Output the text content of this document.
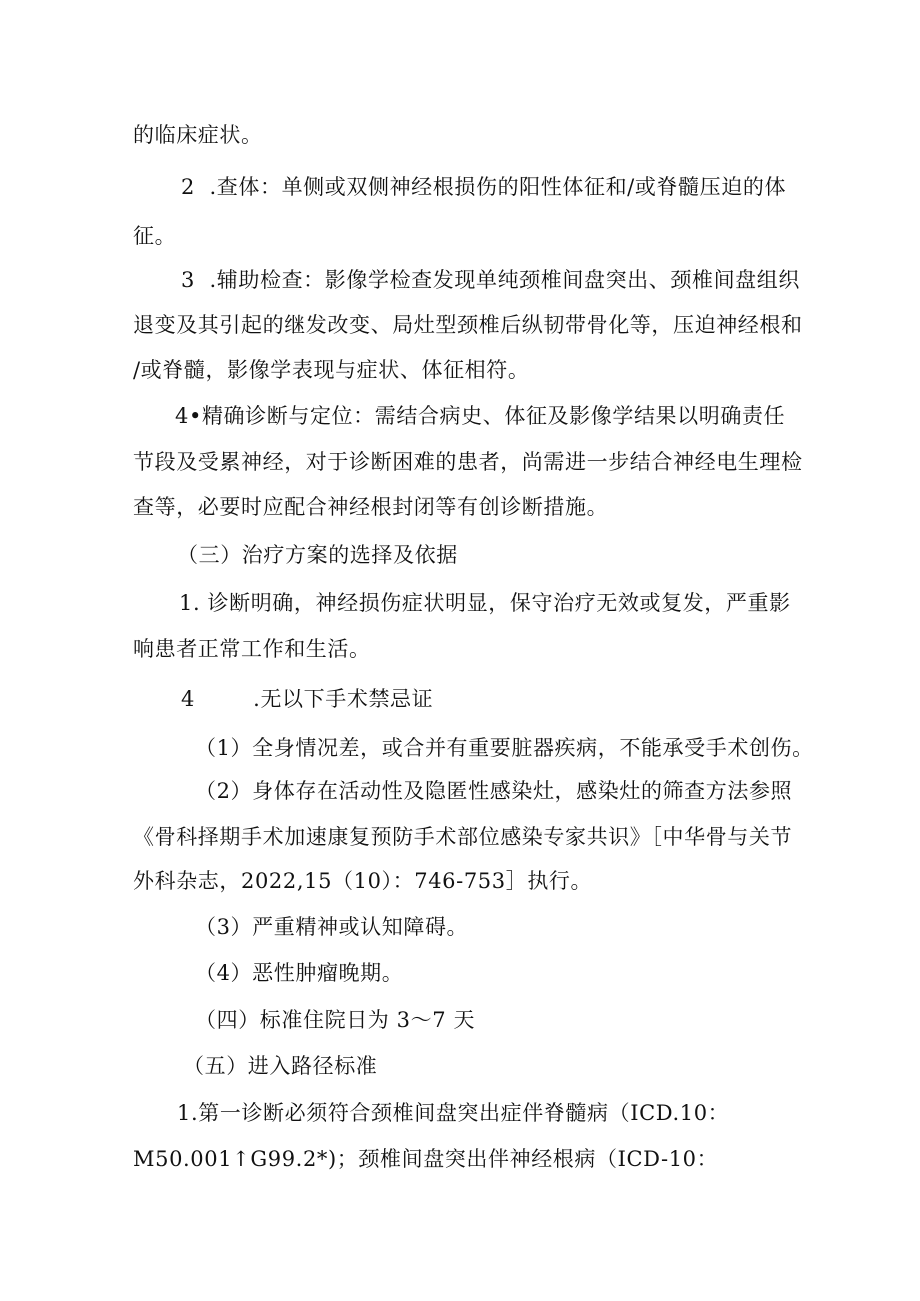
的临床症状。
2  .查体：单侧或双侧神经根损伤的阳性体征和/或脊髓压迫的体
征。
3  .辅助检查：影像学检查发现单纯颈椎间盘突出、颈椎间盘组织
退变及其引起的继发改变、局灶型颈椎后纵韧带骨化等，压迫神经根和
/或脊髓，影像学表现与症状、体征相符。
4•精确诊断与定位：需结合病史、体征及影像学结果以明确责任
节段及受累神经，对于诊断困难的患者，尚需进一步结合神经电生理检
查等，必要时应配合神经根封闭等有创诊断措施。
（三）治疗方案的选择及依据
1. 诊断明确，神经损伤症状明显，保守治疗无效或复发，严重影
响患者正常工作和生活。
4        .无以下手术禁忌证
（1）全身情况差，或合并有重要脏器疾病，不能承受手术创伤。
（2）身体存在活动性及隐匿性感染灶，感染灶的筛查方法参照
《骨科择期手术加速康复预防手术部位感染专家共识》［中华骨与关节
外科杂志，2022,15（10）：746-753］执行。
（3）严重精神或认知障碍。
（4）恶性肿瘤晚期。
（四）标准住院日为 3～7 天
（五）进入路径标准
1.第一诊断必须符合颈椎间盘突出症伴脊髓病（ICD.10：
M50.001↑G99.2*)；颈椎间盘突出伴神经根病（ICD-10：
